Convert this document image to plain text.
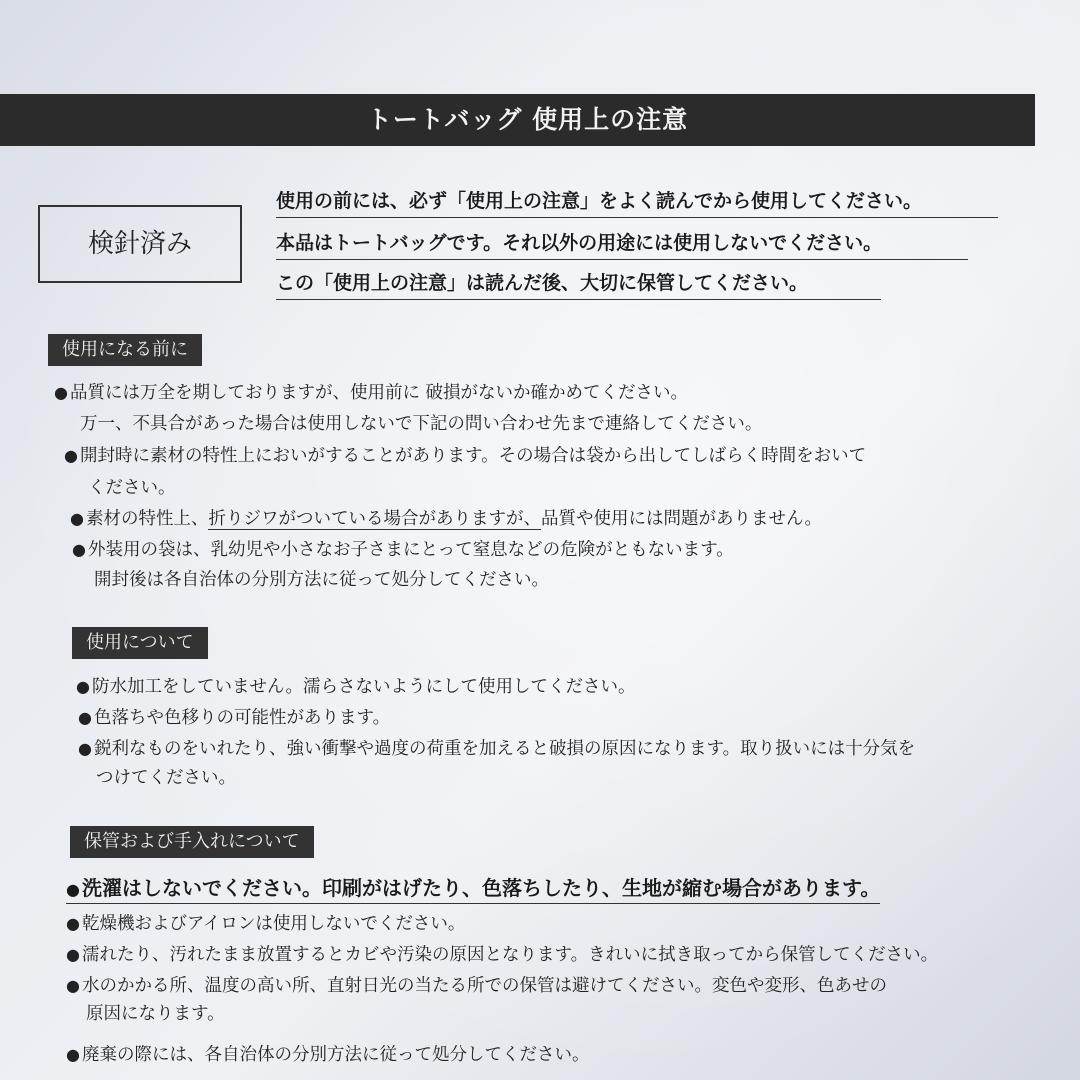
トートバッグ 使用上の注意
検針済み
使用の前には、必ず「使用上の注意」をよく読んでから使用してください。
本品はトートバッグです。それ以外の用途には使用しないでください。
この「使用上の注意」は読んだ後、大切に保管してください。
使用になる前に
● 品質には万全を期しておりますが、使用前に 破損がないか確かめてください。
万一、不具合があった場合は使用しないで下記の問い合わせ先まで連絡してください。
● 開封時に素材の特性上においがすることがあります。その場合は袋から出してしばらく時間をおいて
ください。
● 素材の特性上、折りジワがついている場合がありますが、品質や使用には問題がありません。
● 外装用の袋は、乳幼児や小さなお子さまにとって窒息などの危険がともないます。
開封後は各自治体の分別方法に従って処分してください。
使用について
● 防水加工をしていません。濡らさないようにして使用してください。
● 色落ちや色移りの可能性があります。
● 鋭利なものをいれたり、強い衝撃や過度の荷重を加えると破損の原因になります。取り扱いには十分気を
つけてください。
保管および手入れについて
● 洗濯はしないでください。印刷がはげたり、色落ちしたり、生地が縮む場合があります。
● 乾燥機およびアイロンは使用しないでください。
● 濡れたり、汚れたまま放置するとカビや汚染の原因となります。きれいに拭き取ってから保管してください。
● 水のかかる所、温度の高い所、直射日光の当たる所での保管は避けてください。変色や変形、色あせの
原因になります。
● 廃棄の際には、各自治体の分別方法に従って処分してください。
